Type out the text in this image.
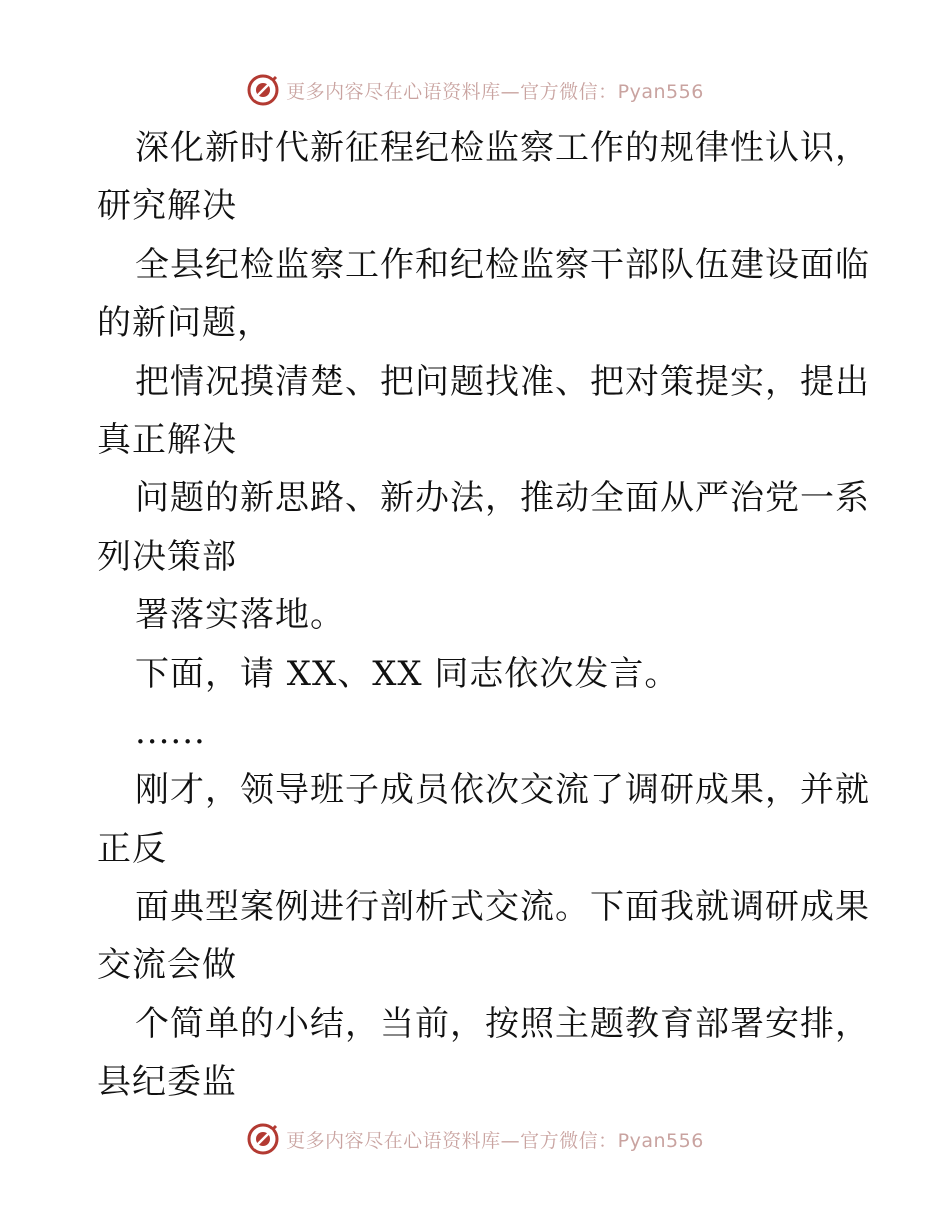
更多内容尽在心语资料库—官方微信：Pyan556
深化新时代新征程纪检监察工作的规律性认识，
研究解决
全县纪检监察工作和纪检监察干部队伍建设面临
的新问题，
把情况摸清楚、把问题找准、把对策提实，提出
真正解决
问题的新思路、新办法，推动全面从严治党一系
列决策部
署落实落地。
下面，请 XX、XX 同志依次发言。
......
刚才，领导班子成员依次交流了调研成果，并就
正反
面典型案例进行剖析式交流。下面我就调研成果
交流会做
个简单的小结，当前，按照主题教育部署安排，
县纪委监
更多内容尽在心语资料库—官方微信：Pyan556
